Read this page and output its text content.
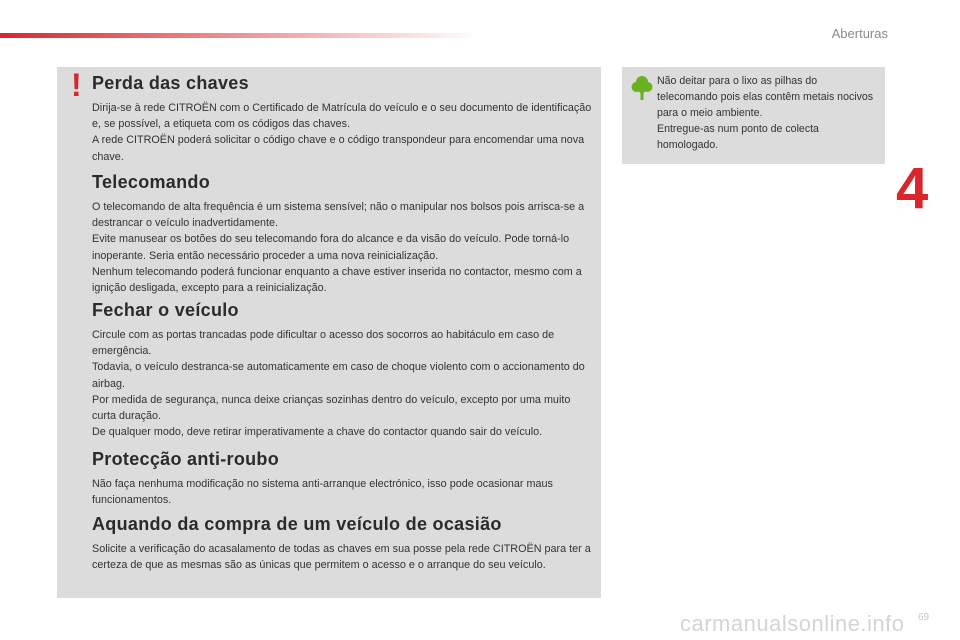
Aberturas
4
! Perda das chaves

Dirija-se à rede CITROËN com o Certificado de Matrícula do veículo e o seu documento de identificação e, se possível, a etiqueta com os códigos das chaves.
A rede CITROËN poderá solicitar o código chave e o código transpondeur para encomendar uma nova chave.

Telecomando

O telecomando de alta frequência é um sistema sensível; não o manipular nos bolsos pois arrisca-se a destrancar o veículo inadvertidamente.
Evite manusear os botões do seu telecomando fora do alcance e da visão do veículo. Pode torná-lo inoperante. Seria então necessário proceder a uma nova reinicialização.
Nenhum telecomando poderá funcionar enquanto a chave estiver inserida no contactor, mesmo com a ignição desligada, excepto para a reinicialização.

Fechar o veículo

Circule com as portas trancadas pode dificultar o acesso dos socorros ao habitáculo em caso de emergência.
Todavia, o veículo destranca-se automaticamente em caso de choque violento com o accionamento do airbag.
Por medida de segurança, nunca deixe crianças sozinhas dentro do veículo, excepto por uma muito curta duração.
De qualquer modo, deve retirar imperativamente a chave do contactor quando sair do veículo.

Protecção anti-roubo

Não faça nenhuma modificação no sistema anti-arranque electrónico, isso pode ocasionar maus funcionamentos.

Aquando da compra de um veículo de ocasião

Solicite a verificação do acasalamento de todas as chaves em sua posse pela rede CITROËN para ter a certeza de que as mesmas são as únicas que permitem o acesso e o arranque do seu veículo.

Não deitar para o lixo as pilhas do telecomando pois elas contêm metais nocivos para o meio ambiente.
Entregue-as num ponto de colecta homologado.

carmanualsonline.info 69
